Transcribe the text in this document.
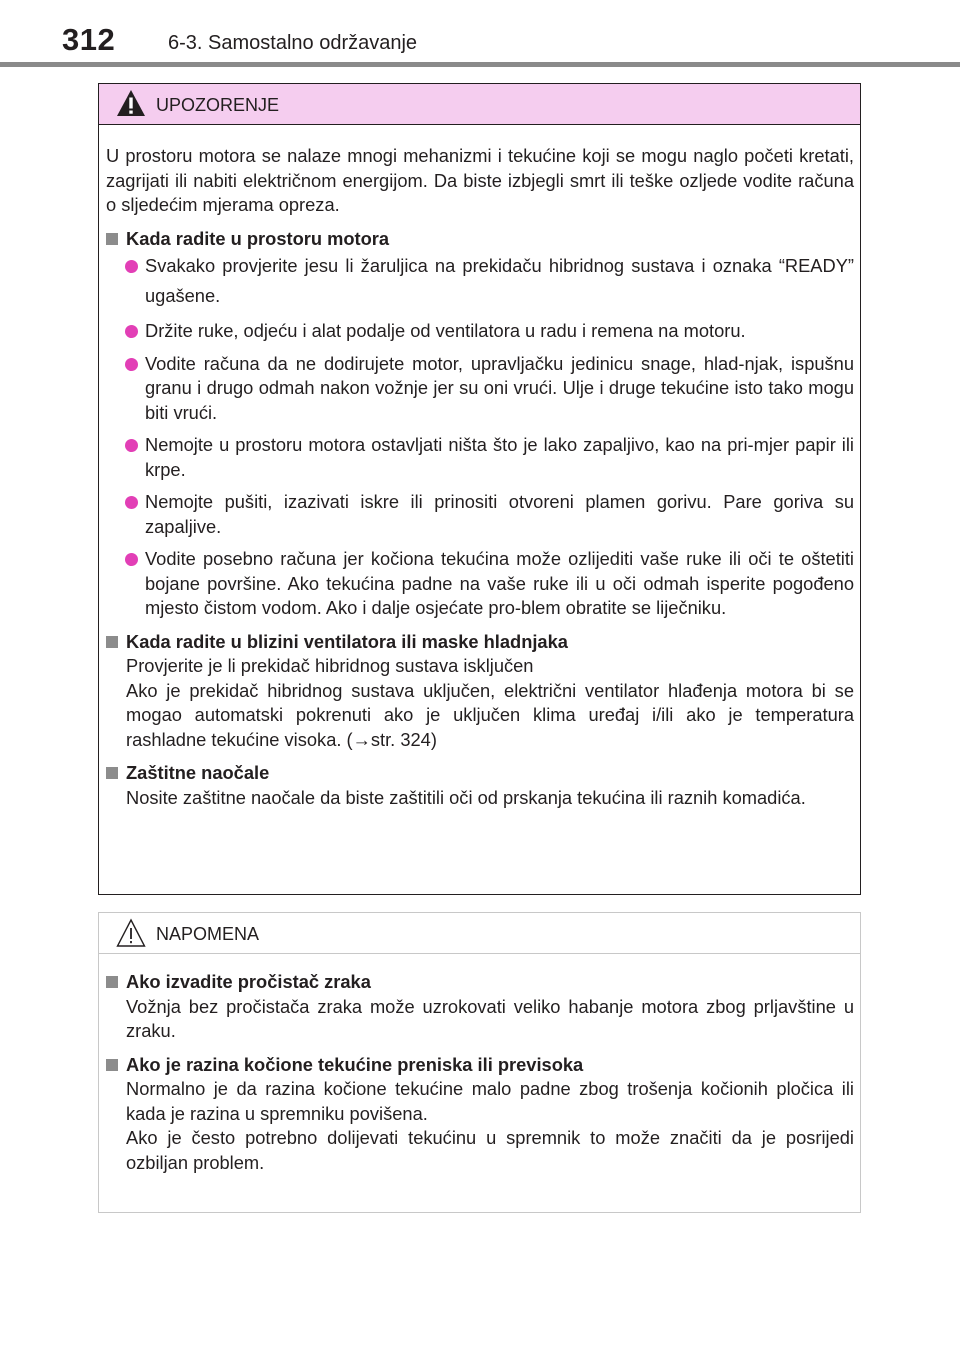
312	6-3. Samostalno održavanje
UPOZORENJE

U prostoru motora se nalaze mnogi mehanizmi i tekućine koji se mogu naglo početi kretati, zagrijati ili nabiti električnom energijom. Da biste izbjegli smrt ili teške ozljede vodite računa o sljedećim mjerama opreza.

Kada radite u prostoru motora
Svakako provjerite jesu li žaruljica na prekidaču hibridnog sustava i oznaka “READY” ugašene.
Držite ruke, odjeću i alat podalje od ventilatora u radu i remena na motoru.
Vodite računa da ne dodirujete motor, upravljačku jedinicu snage, hlad-njak, ispušnu granu i drugo odmah nakon vožnje jer su oni vrući. Ulje i druge tekućine isto tako mogu biti vrući.
Nemojte u prostoru motora ostavljati ništa što je lako zapaljivo, kao na pri-mjer papir ili krpe.
Nemojte pušiti, izazivati iskre ili prinositi otvoreni plamen gorivu. Pare goriva su zapaljive.
Vodite posebno računa jer kočiona tekućina može ozlijediti vaše ruke ili oči te oštetiti bojane površine. Ako tekućina padne na vaše ruke ili u oči odmah isperite pogođeno mjesto čistom vodom. Ako i dalje osjećate pro-blem obratite se liječniku.
Kada radite u blizini ventilatora ili maske hladnjaka
Provjerite je li prekidač hibridnog sustava isključen
Ako je prekidač hibridnog sustava uključen, električni ventilator hlađenja motora bi se mogao automatski pokrenuti ako je uključen klima uređaj i/ili ako je temperatura rashladne tekućine visoka. (→str. 324)
Zaštitne naočale
Nosite zaštitne naočale da biste zaštitili oči od prskanja tekućina ili raznih komadića.
NAPOMENA
Ako izvadite pročistač zraka
Vožnja bez pročistača zraka može uzrokovati veliko habanje motora zbog prljavštine u zraku.
Ako je razina kočione tekućine preniska ili previsoka
Normalno je da razina kočione tekućine malo padne zbog trošenja kočionih pločica ili kada je razina u spremniku povišena.
Ako je često potrebno dolijevati tekućinu u spremnik to može značiti da je posrijedi ozbiljan problem.
